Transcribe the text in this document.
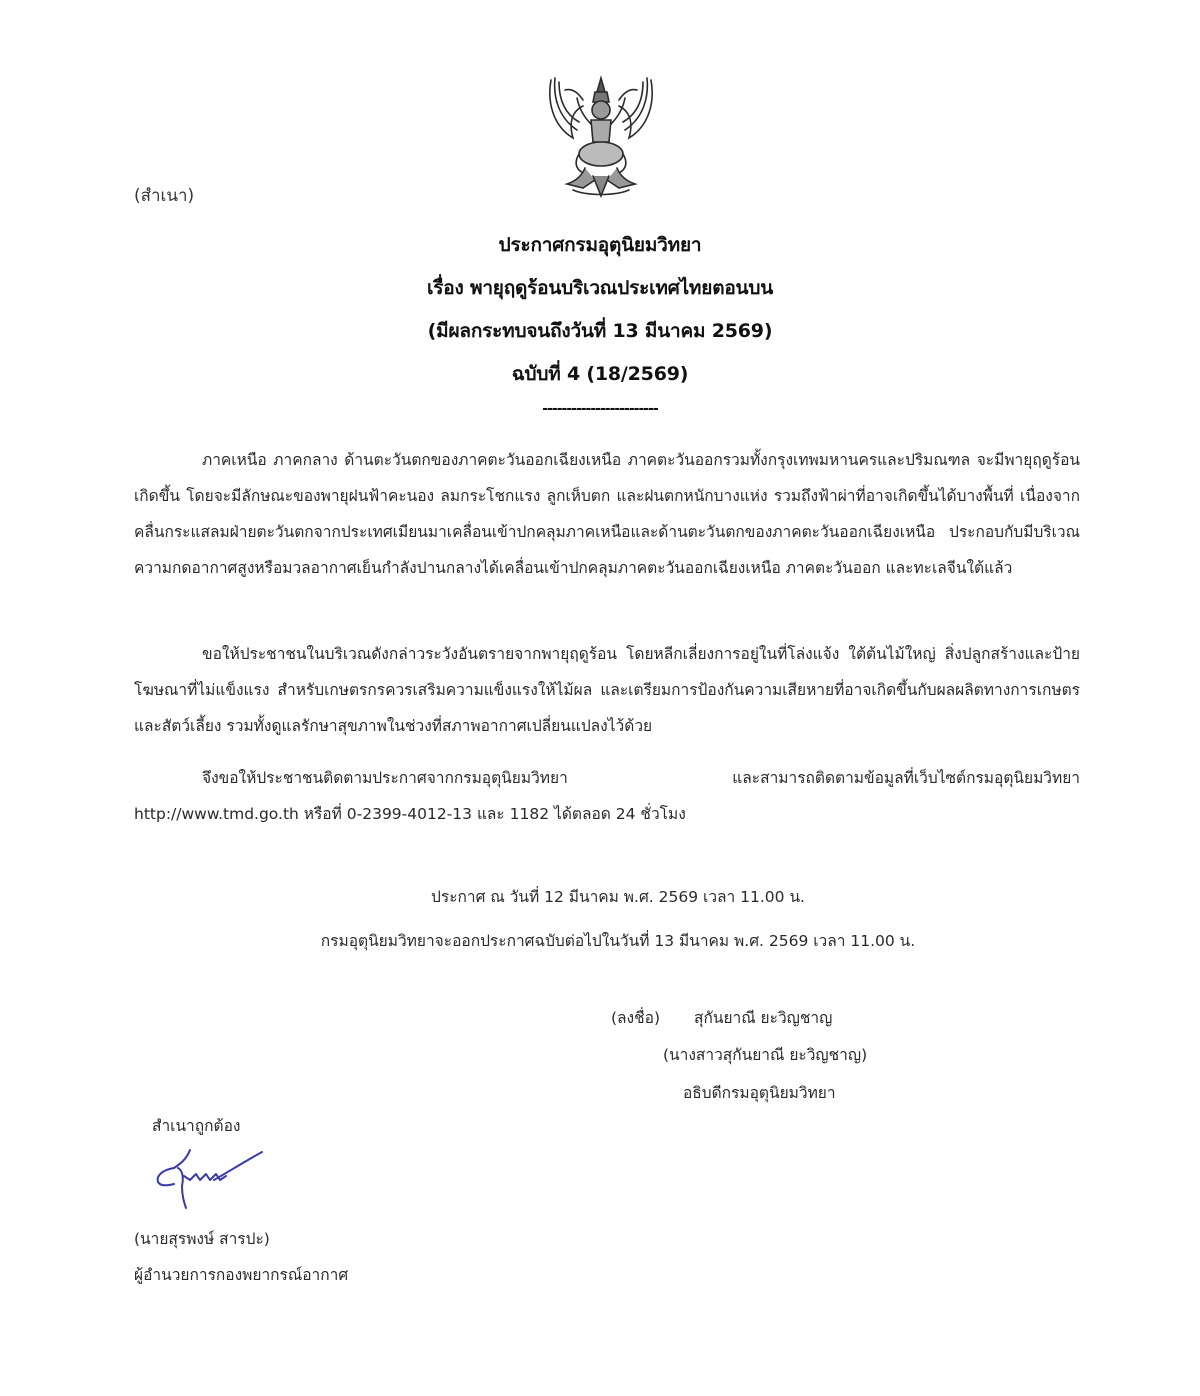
(สำเนา)
ประกาศกรมอุตุนิยมวิทยา
เรื่อง พายุฤดูร้อนบริเวณประเทศไทยตอนบน
(มีผลกระทบจนถึงวันที่ 13 มีนาคม 2569)
ฉบับที่ 4 (18/2569)
------------------------
ภาคเหนือ ภาคกลาง ด้านตะวันตกของภาคตะวันออกเฉียงเหนือ ภาคตะวันออกรวมทั้งกรุงเทพมหานครและปริมณฑล จะมีพายุฤดูร้อนเกิดขึ้น โดยจะมีลักษณะของพายุฝนฟ้าคะนอง ลมกระโชกแรง ลูกเห็บตก และฝนตกหนักบางแห่ง รวมถึงฟ้าผ่าที่อาจเกิดขึ้นได้บางพื้นที่ เนื่องจากคลื่นกระแสลมฝ่ายตะวันตกจากประเทศเมียนมาเคลื่อนเข้าปกคลุมภาคเหนือและด้านตะวันตกของภาคตะวันออกเฉียงเหนือ ประกอบกับมีบริเวณความกดอากาศสูงหรือมวลอากาศเย็นกำลังปานกลางได้เคลื่อนเข้าปกคลุมภาคตะวันออกเฉียงเหนือ ภาคตะวันออก และทะเลจีนใต้แล้ว
ขอให้ประชาชนในบริเวณดังกล่าวระวังอันตรายจากพายุฤดูร้อน โดยหลีกเลี่ยงการอยู่ในที่โล่งแจ้ง ใต้ต้นไม้ใหญ่ สิ่งปลูกสร้างและป้ายโฆษณาที่ไม่แข็งแรง สำหรับเกษตรกรควรเสริมความแข็งแรงให้ไม้ผล และเตรียมการป้องกันความเสียหายที่อาจเกิดขึ้นกับผลผลิตทางการเกษตรและสัตว์เลี้ยง รวมทั้งดูแลรักษาสุขภาพในช่วงที่สภาพอากาศเปลี่ยนแปลงไว้ด้วย
จึงขอให้ประชาชนติดตามประกาศจากกรมอุตุนิยมวิทยา และสามารถติดตามข้อมูลที่เว็บไซต์กรมอุตุนิยมวิทยา http://www.tmd.go.th หรือที่ 0-2399-4012-13 และ 1182 ได้ตลอด 24 ชั่วโมง
ประกาศ ณ วันที่ 12 มีนาคม พ.ศ. 2569 เวลา 11.00 น.
กรมอุตุนิยมวิทยาจะออกประกาศฉบับต่อไปในวันที่ 13 มีนาคม พ.ศ. 2569 เวลา 11.00 น.
(ลงชื่อ) สุกันยาณี ยะวิญชาญ
(นางสาวสุกันยาณี ยะวิญชาญ)
อธิบดีกรมอุตุนิยมวิทยา
สำเนาถูกต้อง
(นายสุรพงษ์ สารปะ)
ผู้อำนวยการกองพยากรณ์อากาศ
